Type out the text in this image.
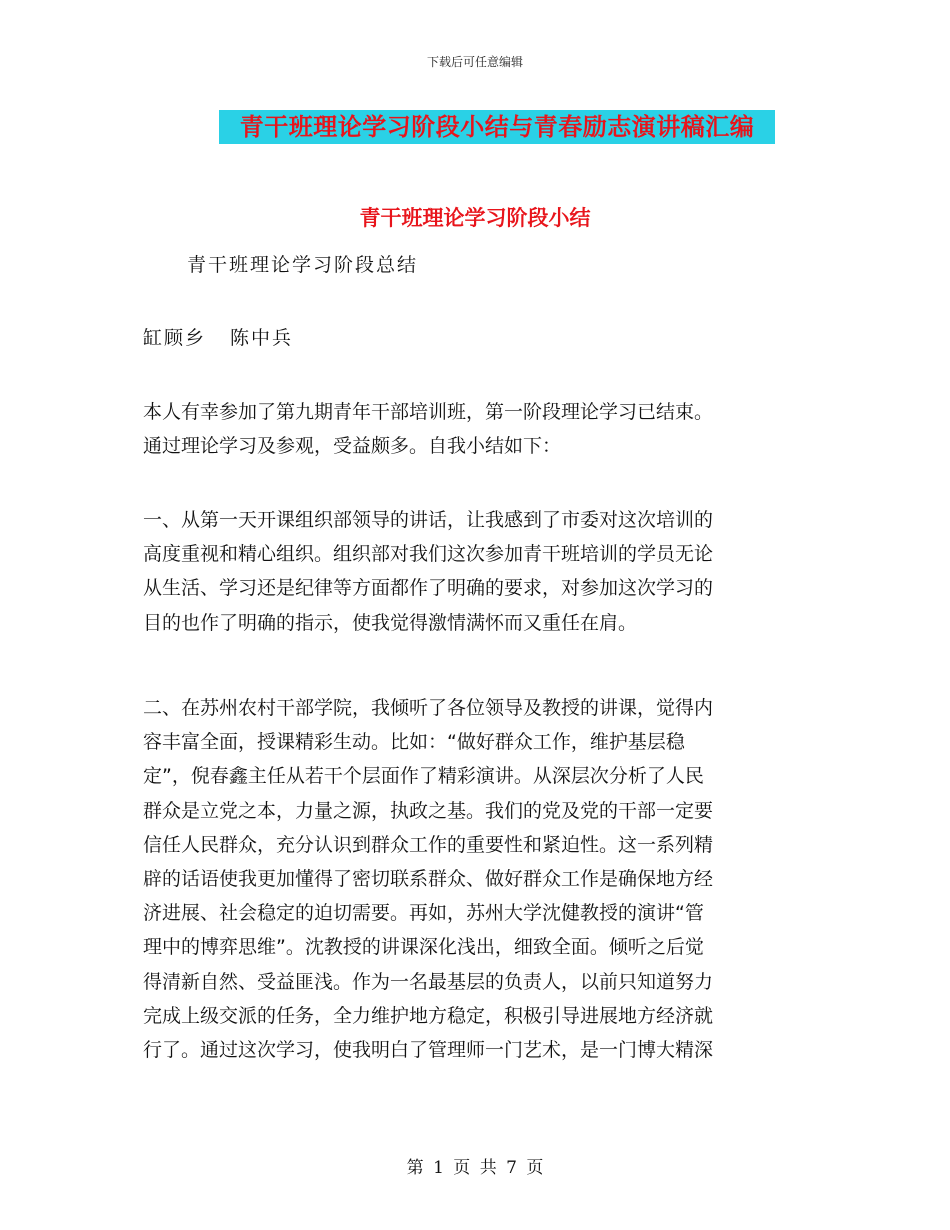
下载后可任意编辑
青干班理论学习阶段小结与青春励志演讲稿汇编
青干班理论学习阶段小结
青干班理论学习阶段总结
缸顾乡 陈中兵

本人有幸参加了第九期青年干部培训班，第一阶段理论学习已结束。

通过理论学习及参观，受益颇多。自我小结如下：

一、从第一天开课组织部领导的讲话，让我感到了市委对这次培训的

高度重视和精心组织。组织部对我们这次参加青干班培训的学员无论

从生活、学习还是纪律等方面都作了明确的要求，对参加这次学习的

目的也作了明确的指示，使我觉得激情满怀而又重任在肩。

二、在苏州农村干部学院，我倾听了各位领导及教授的讲课，觉得内

容丰富全面，授课精彩生动。比如：“做好群众工作，维护基层稳

定”，倪春鑫主任从若干个层面作了精彩演讲。从深层次分析了人民

群众是立党之本，力量之源，执政之基。我们的党及党的干部一定要

信任人民群众，充分认识到群众工作的重要性和紧迫性。这一系列精

辟的话语使我更加懂得了密切联系群众、做好群众工作是确保地方经

济进展、社会稳定的迫切需要。再如，苏州大学沈健教授的演讲“管

理中的博弈思维”。沈教授的讲课深化浅出，细致全面。倾听之后觉

得清新自然、受益匪浅。作为一名最基层的负责人，以前只知道努力

完成上级交派的任务，全力维护地方稳定，积极引导进展地方经济就

行了。通过这次学习，使我明白了管理师一门艺术，是一门博大精深

第 1 页 共 7 页
